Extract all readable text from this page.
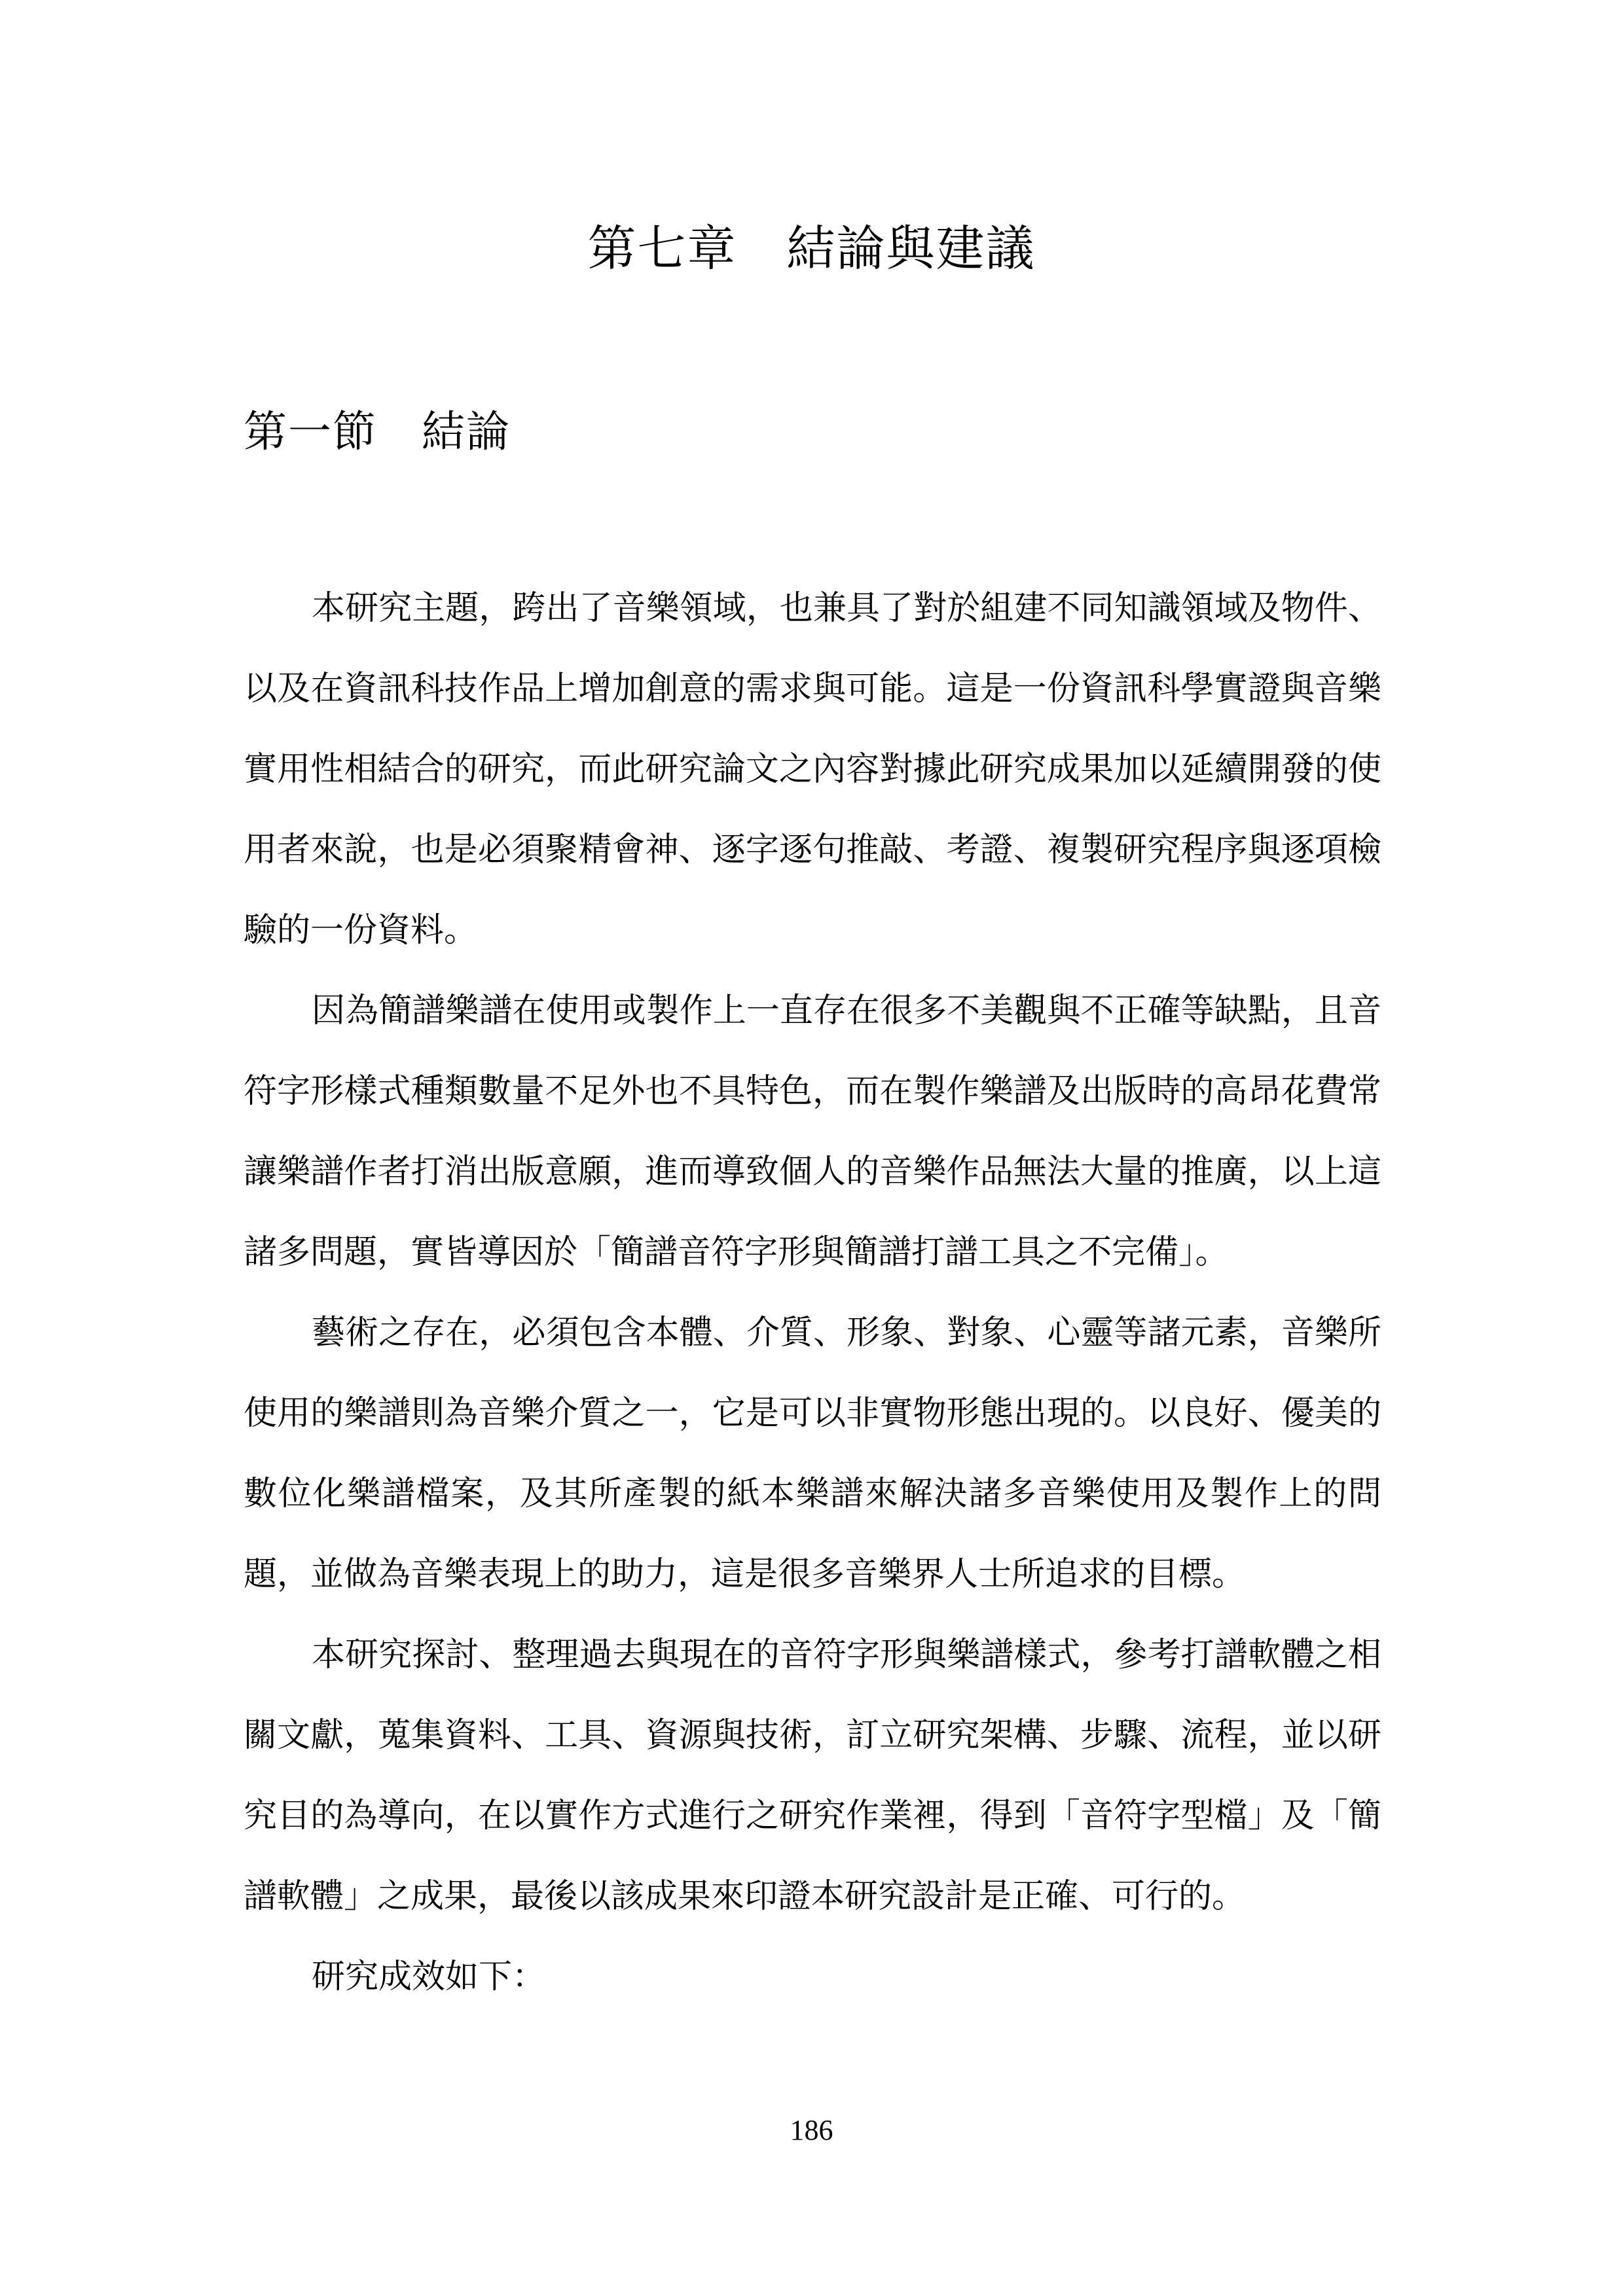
第七章　結論與建議
第一節　結論

本研究主題，跨出了音樂領域，也兼具了對於組建不同知識領域及物件、以及在資訊科技作品上增加創意的需求與可能。這是一份資訊科學實證與音樂實用性相結合的研究，而此研究論文之內容對據此研究成果加以延續開發的使用者來說，也是必須聚精會神、逐字逐句推敲、考證、複製研究程序與逐項檢驗的一份資料。

因為簡譜樂譜在使用或製作上一直存在很多不美觀與不正確等缺點，且音符字形樣式種類數量不足外也不具特色，而在製作樂譜及出版時的高昂花費常讓樂譜作者打消出版意願，進而導致個人的音樂作品無法大量的推廣，以上這諸多問題，實皆導因於「簡譜音符字形與簡譜打譜工具之不完備」。

藝術之存在，必須包含本體、介質、形象、對象、心靈等諸元素，音樂所使用的樂譜則為音樂介質之一，它是可以非實物形態出現的。以良好、優美的數位化樂譜檔案，及其所產製的紙本樂譜來解決諸多音樂使用及製作上的問題，並做為音樂表現上的助力，這是很多音樂界人士所追求的目標。

本研究探討、整理過去與現在的音符字形與樂譜樣式，參考打譜軟體之相關文獻，蒐集資料、工具、資源與技術，訂立研究架構、步驟、流程，並以研究目的為導向，在以實作方式進行之研究作業裡，得到「音符字型檔」及「簡譜軟體」之成果，最後以該成果來印證本研究設計是正確、可行的。

研究成效如下：

186
